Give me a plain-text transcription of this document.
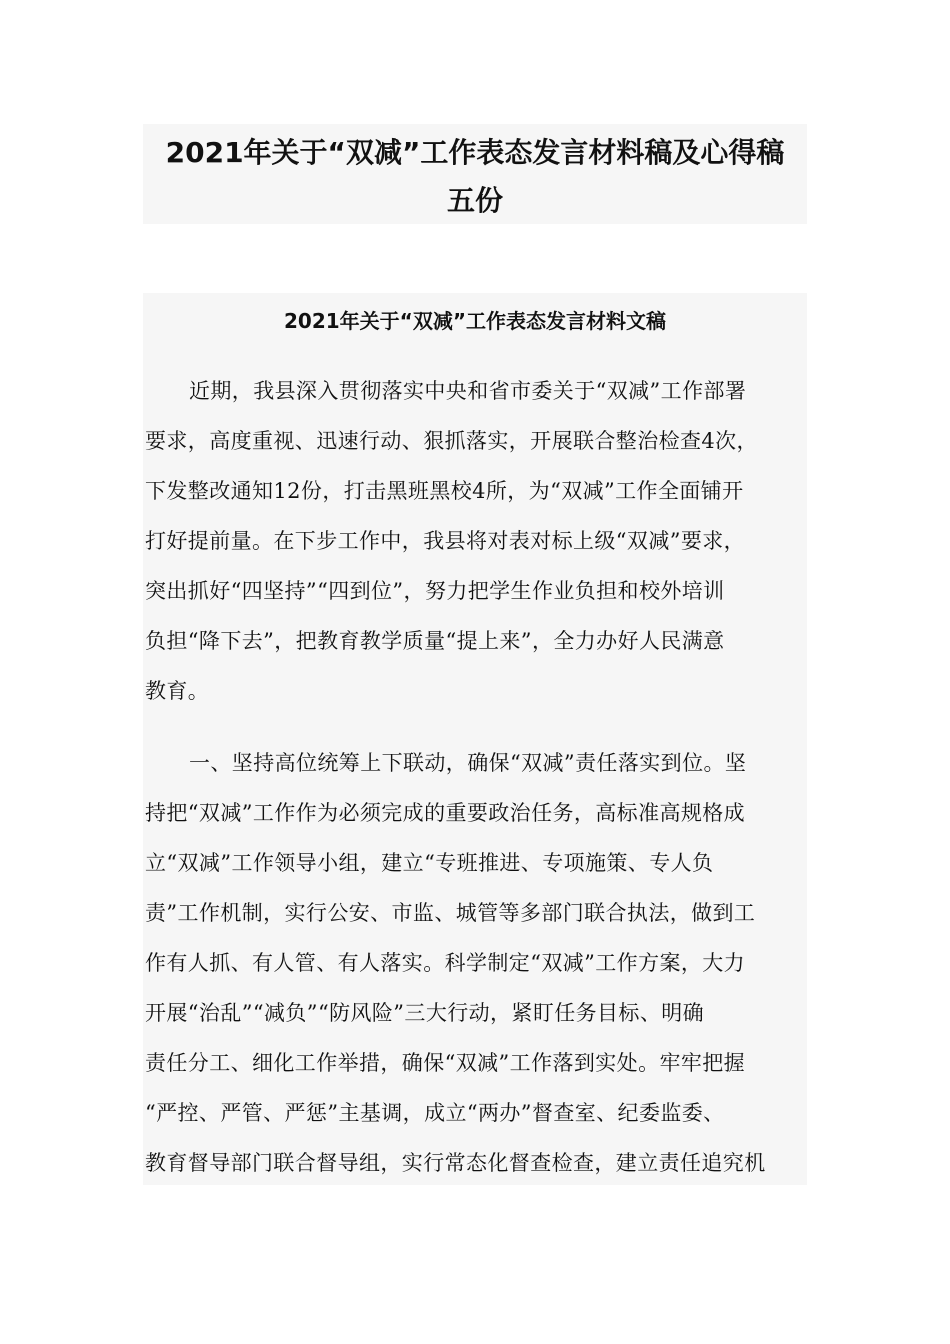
2021年关于“双减”工作表态发言材料稿及心得稿
五份
2021年关于“双减”工作表态发言材料文稿
近期，我县深入贯彻落实中央和省市委关于“双减”工作部署
要求，高度重视、迅速行动、狠抓落实，开展联合整治检查4次，
下发整改通知12份，打击黑班黑校4所，为“双减”工作全面铺开
打好提前量。在下步工作中，我县将对表对标上级“双减”要求，
突出抓好“四坚持”“四到位”，努力把学生作业负担和校外培训
负担“降下去”，把教育教学质量“提上来”，全力办好人民满意
教育。
一、坚持高位统筹上下联动，确保“双减”责任落实到位。坚
持把“双减”工作作为必须完成的重要政治任务，高标准高规格成
立“双减”工作领导小组，建立“专班推进、专项施策、专人负
责”工作机制，实行公安、市监、城管等多部门联合执法，做到工
作有人抓、有人管、有人落实。科学制定“双减”工作方案，大力
开展“治乱”“减负”“防风险”三大行动，紧盯任务目标、明确
责任分工、细化工作举措，确保“双减”工作落到实处。牢牢把握
“严控、严管、严惩”主基调，成立“两办”督查室、纪委监委、
教育督导部门联合督导组，实行常态化督查检查，建立责任追究机
